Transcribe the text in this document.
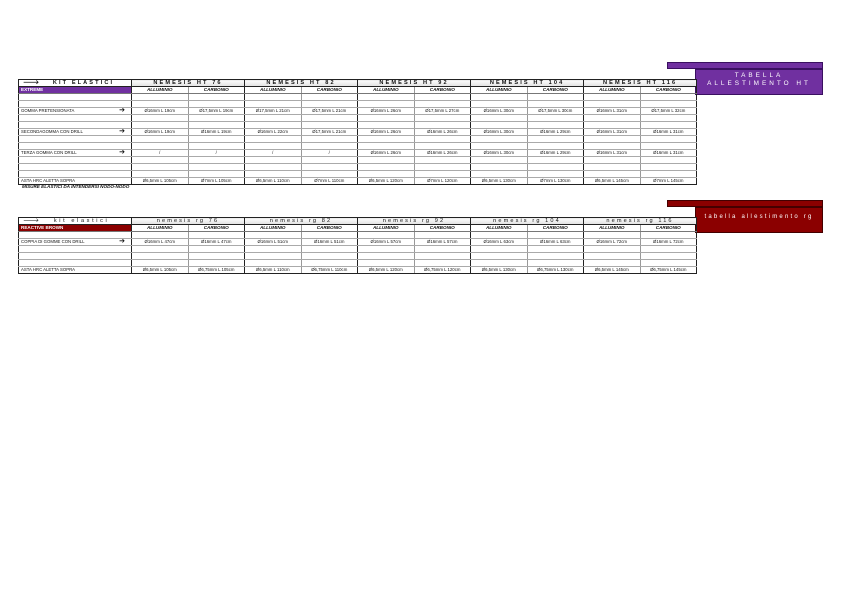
TABELLA
ALLESTIMENTO HT
🡒 KIT ELASTICI	NEMESIS HT 76		NEMESIS HT 82		NEMESIS HT 92		NEMESIS HT 104		NEMESIS HT 116	
EXTREME	ALLUMINIO	CARBONIO	ALLUMINIO	CARBONIO	ALLUMINIO	CARBONIO	ALLUMINIO	CARBONIO	ALLUMINIO	CARBONIO

GOMMA PRETENSIONATA ➔	Ø16mm L 19cm	Ø17,5mm L 19cm	Ø17,5mm L 21cm	Ø17,5mm L 21cm	Ø16mm L 26cm	Ø17,5mm L 27cm	Ø16mm L 30cm	Ø17,5mm L 30cm	Ø16mm L 31cm	Ø17,5mm L 32cm

SECONDAGOMMA CON DRILL ➔	Ø16mm L 19cm	Ø16mm L 19cm	Ø16mm L 22cm	Ø17,5mm L 21cm	Ø16mm L 26cm	Ø16mm L 26cm	Ø16mm L 30cm	Ø16mm L 29cm	Ø16mm L 31cm	Ø16mm L 31cm

TERZA GOMMA CON DRILL ➔	/	/	/	/	Ø16mm L 26cm	Ø16mm L 26cm	Ø16mm L 30cm	Ø16mm L 29cm	Ø16mm L 31cm	Ø16mm L 31cm

ASTA HRC ALETTA SOPRA	Ø6,5mm L 105cm	Ø7mm L 105cm	Ø6,5mm L 110cm	Ø7mm L 110cm	Ø6,5mm L 120cm	Ø7mm L 120cm	Ø6,5mm L 130cm	Ø7mm L 130cm	Ø6,5mm L 145cm	Ø7mm L 145cm
MISURE ELASTICI DA INTENDERSI NODO-NODO
tabella allestimento rg
🡒 kit elastici	nemesis rg 76		nemesis rg 82		nemesis rg 92		nemesis rg 104		nemesis rg 116	
REACTIVE BROWN	ALLUMINIO	CARBONIO	ALLUMINIO	CARBONIO	ALLUMINIO	CARBONIO	ALLUMINIO	CARBONIO	ALLUMINIO	CARBONIO

COPPIA DI GOMME CON DRILL ➔	Ø16mm L 47cm	Ø16mm L 47cm	Ø16mm L 51cm	Ø16mm L 51cm	Ø16mm L 57cm	Ø16mm L 57cm	Ø16mm L 63cm	Ø16mm L 63cm	Ø16mm L 72cm	Ø16mm L 72cm

ASTA HRC ALETTA SOPRA	Ø6,5mm L 105cm	Ø6,75mm L 105cm	Ø6,5mm L 110cm	Ø6,75mm L 110cm	Ø6,5mm L 120cm	Ø6,75mm L 120cm	Ø6,5mm L 130cm	Ø6,75mm L 130cm	Ø6,5mm L 145cm	Ø6,75mm L 145cm
